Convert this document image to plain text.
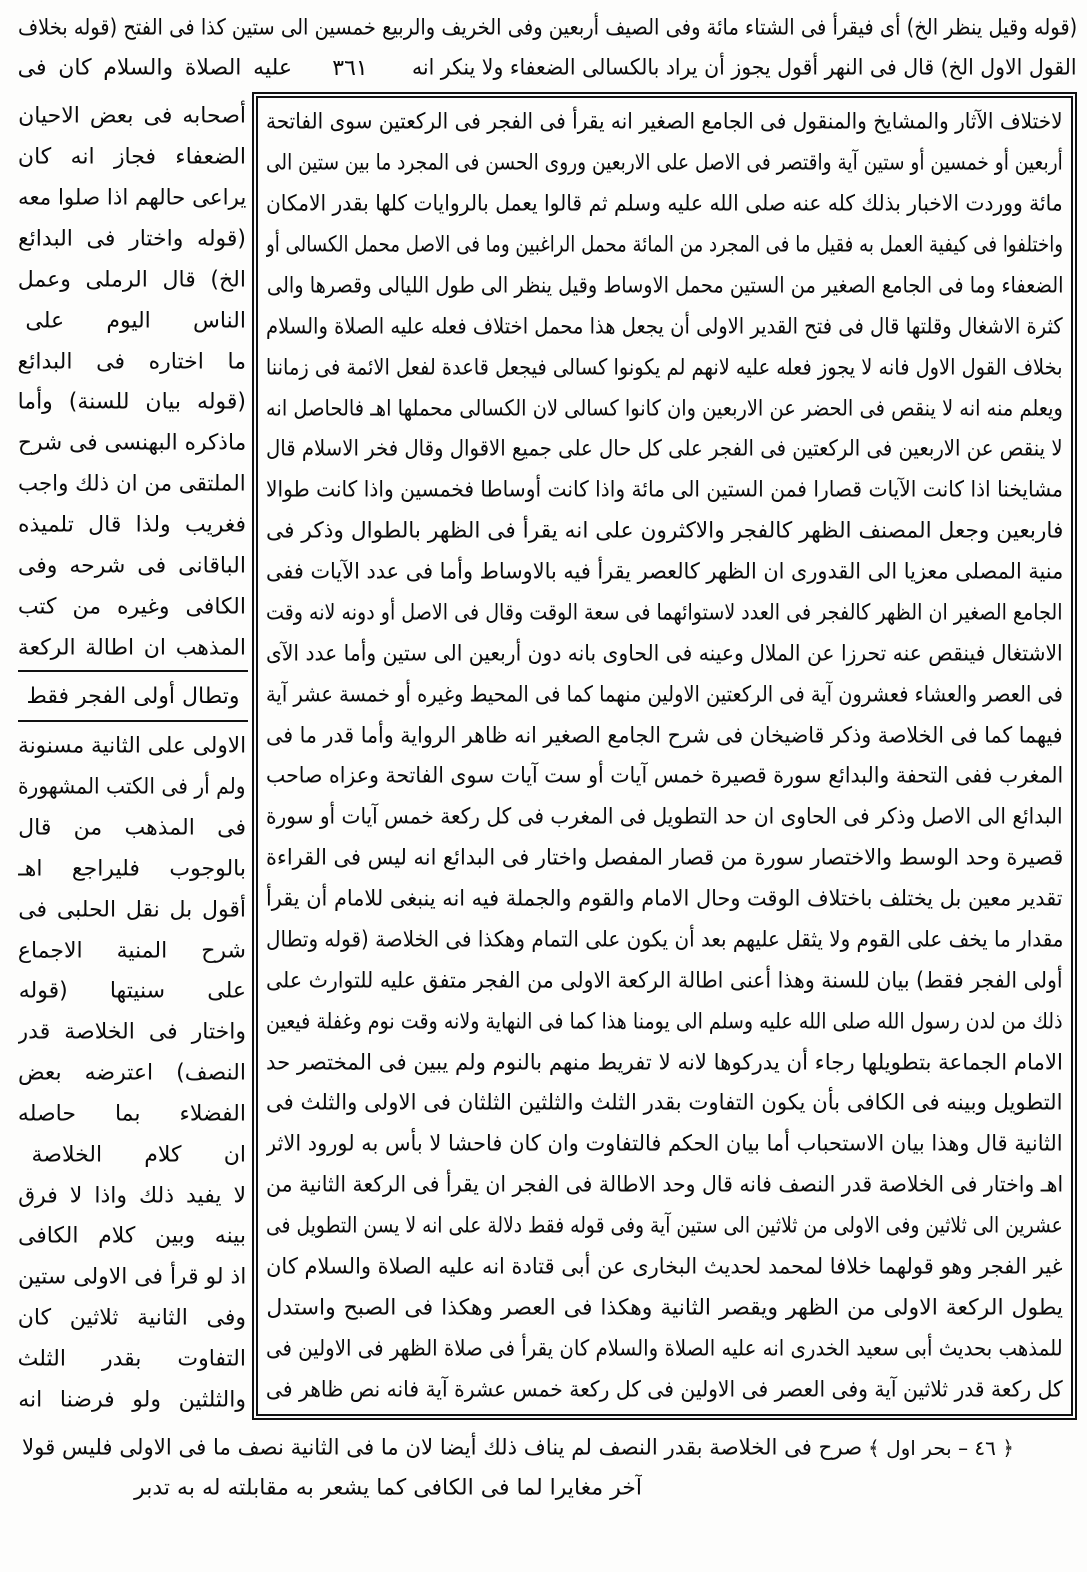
(قوله وقيل ينظر الخ) أى فيقرأ فى الشتاء مائة وفى الصيف أربعين وفى الخريف والربيع خمسين الى ستين كذا فى الفتح (قوله بخلاف
القول الاول الخ) قال فى النهر أقول يجوز أن يراد بالكسالى الضعفاء ولا ينكر انه
٣٦١
عليه الصلاة والسلام كان فى
لاختلاف الآثار والمشايخ والمنقول فى الجامع الصغير انه يقرأ فى الفجر فى الركعتين سوى الفاتحة
أربعين أو خمسين أو ستين آية واقتصر فى الاصل على الاربعين وروى الحسن فى المجرد ما بين ستين الى
مائة ووردت الاخبار بذلك كله عنه صلى الله عليه وسلم ثم قالوا يعمل بالروايات كلها بقدر الامكان
واختلفوا فى كيفية العمل به فقيل ما فى المجرد من المائة محمل الراغبين وما فى الاصل محمل الكسالى أو
الضعفاء وما فى الجامع الصغير من الستين محمل الاوساط وقيل ينظر الى طول الليالى وقصرها والى
كثرة الاشغال وقلتها قال فى فتح القدير الاولى أن يجعل هذا محمل اختلاف فعله عليه الصلاة والسلام
بخلاف القول الاول فانه لا يجوز فعله عليه لانهم لم يكونوا كسالى فيجعل قاعدة لفعل الائمة فى زماننا
ويعلم منه انه لا ينقص فى الحضر عن الاربعين وان كانوا كسالى لان الكسالى محملها اهـ فالحاصل انه
لا ينقص عن الاربعين فى الركعتين فى الفجر على كل حال على جميع الاقوال وقال فخر الاسلام قال
مشايخنا اذا كانت الآيات قصارا فمن الستين الى مائة واذا كانت أوساطا فخمسين واذا كانت طوالا
فاربعين وجعل المصنف الظهر كالفجر والاكثرون على انه يقرأ فى الظهر بالطوال وذكر فى
منية المصلى معزيا الى القدورى ان الظهر كالعصر يقرأ فيه بالاوساط وأما فى عدد الآيات ففى
الجامع الصغير ان الظهر كالفجر فى العدد لاستوائهما فى سعة الوقت وقال فى الاصل أو دونه لانه وقت
الاشتغال فينقص عنه تحرزا عن الملال وعينه فى الحاوى بانه دون أربعين الى ستين وأما عدد الآى
فى العصر والعشاء فعشرون آية فى الركعتين الاولين منهما كما فى المحيط وغيره أو خمسة عشر آية
فيهما كما فى الخلاصة وذكر قاضيخان فى شرح الجامع الصغير انه ظاهر الرواية وأما قدر ما فى
المغرب ففى التحفة والبدائع سورة قصيرة خمس آيات أو ست آيات سوى الفاتحة وعزاه صاحب
البدائع الى الاصل وذكر فى الحاوى ان حد التطويل فى المغرب فى كل ركعة خمس آيات أو سورة
قصيرة وحد الوسط والاختصار سورة من قصار المفصل واختار فى البدائع انه ليس فى القراءة
تقدير معين بل يختلف باختلاف الوقت وحال الامام والقوم والجملة فيه انه ينبغى للامام أن يقرأ
مقدار ما يخف على القوم ولا يثقل عليهم بعد أن يكون على التمام وهكذا فى الخلاصة (قوله وتطال
أولى الفجر فقط) بيان للسنة وهذا أعنى اطالة الركعة الاولى من الفجر متفق عليه للتوارث على
ذلك من لدن رسول الله صلى الله عليه وسلم الى يومنا هذا كما فى النهاية ولانه وقت نوم وغفلة فيعين
الامام الجماعة بتطويلها رجاء أن يدركوها لانه لا تفريط منهم بالنوم ولم يبين فى المختصر حد
التطويل وبينه فى الكافى بأن يكون التفاوت بقدر الثلث والثلثين الثلثان فى الاولى والثلث فى
الثانية قال وهذا بيان الاستحباب أما بيان الحكم فالتفاوت وان كان فاحشا لا بأس به لورود الاثر
اهـ واختار فى الخلاصة قدر النصف فانه قال وحد الاطالة فى الفجر ان يقرأ فى الركعة الثانية من
عشرين الى ثلاثين وفى الاولى من ثلاثين الى ستين آية وفى قوله فقط دلالة على انه لا يسن التطويل فى
غير الفجر وهو قولهما خلافا لمحمد لحديث البخارى عن أبى قتادة انه عليه الصلاة والسلام كان
يطول الركعة الاولى من الظهر ويقصر الثانية وهكذا فى العصر وهكذا فى الصبح واستدل
للمذهب بحديث أبى سعيد الخدرى انه عليه الصلاة والسلام كان يقرأ فى صلاة الظهر فى الاولين فى
كل ركعة قدر ثلاثين آية وفى العصر فى الاولين فى كل ركعة خمس عشرة آية فانه نص ظاهر فى
أصحابه فى بعض الاحيان
الضعفاء فجاز انه كان
يراعى حالهم اذا صلوا معه
(قوله واختار فى البدائع
الخ) قال الرملى وعمل
الناس اليوم على
ما اختاره فى البدائع
(قوله بيان للسنة) وأما
ماذكره البهنسى فى شرح
الملتقى من ان ذلك واجب
فغريب ولذا قال تلميذه
الباقانى فى شرحه وفى
الكافى وغيره من كتب
المذهب ان اطالة الركعة
وتطال أولى الفجر فقط
الاولى على الثانية مسنونة
ولم أر فى الكتب المشهورة
فى المذهب من قال
بالوجوب فليراجع اهـ
أقول بل نقل الحلبى فى
شرح المنية الاجماع
على سنيتها (قوله
واختار فى الخلاصة قدر
النصف) اعترضه بعض
الفضلاء بما حاصله
ان كلام الخلاصة
لا يفيد ذلك واذا لا فرق
بينه وبين كلام الكافى
اذ لو قرأ فى الاولى ستين
وفى الثانية ثلاثين كان
التفاوت بقدر الثلث
والثلثين ولو فرضنا انه
﴿ ٤٦ – بحر اول ﴾
صرح فى الخلاصة بقدر النصف لم يناف ذلك أيضا لان ما فى الثانية نصف ما فى الاولى فليس قولا
آخر مغايرا لما فى الكافى كما يشعر به مقابلته له به تدبر
